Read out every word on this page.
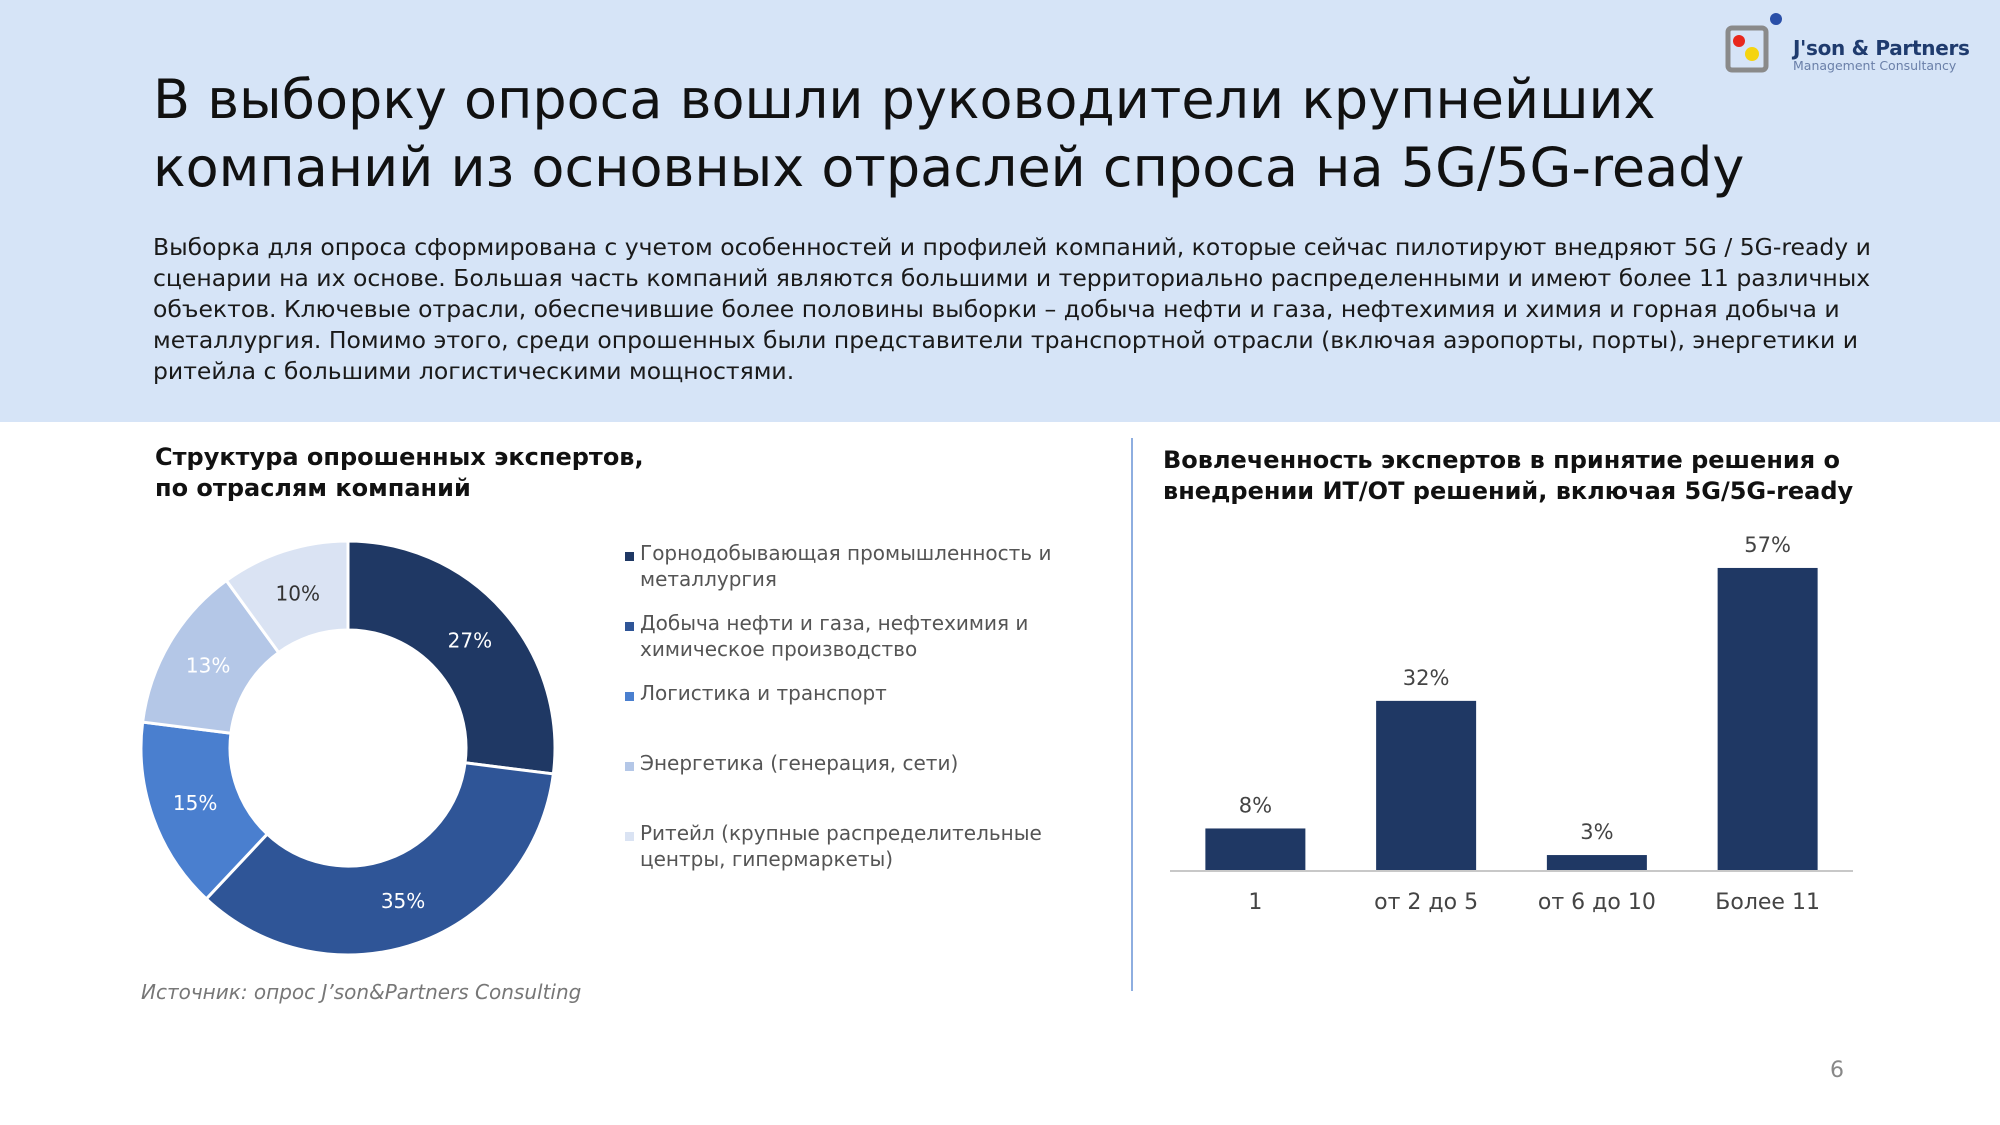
В выборку опроса вошли руководители крупнейших
компаний из основных отраслей спроса на 5G/5G-ready

Выборка для опроса сформирована с учетом особенностей и профилей компаний, которые сейчас пилотируют внедряют 5G / 5G-ready и сценарии на их основе. Большая часть компаний являются большими и территориально распределенными и имеют более 11 различных объектов. Ключевые отрасли, обеспечившие более половины выборки – добыча нефти и газа, нефтехимия и химия и горная добыча и металлургия. Помимо этого, среди опрошенных были представители транспортной отрасли (включая аэропорты, порты), энергетики и ритейла с большими логистическими мощностями.

J'son & Partners
Management Consultancy
Структура опрошенных экспертов,
по отраслям компаний
Вовлеченность экспертов в принятие решения о
внедрении ИТ/ОТ решений, включая 5G/5G-ready
27%
35%
15%
13%
10%
Горнодобывающая промышленность и металлургия
Добыча нефти и газа, нефтехимия и химическое производство
Логистика и транспорт
Энергетика (генерация, сети)
Ритейл (крупные распределительные центры, гипермаркеты)
8%
1
32%
от 2 до 5
3%
от 6 до 10
57%
Более 11
Источник: опрос J’son&Partners Consulting
6
